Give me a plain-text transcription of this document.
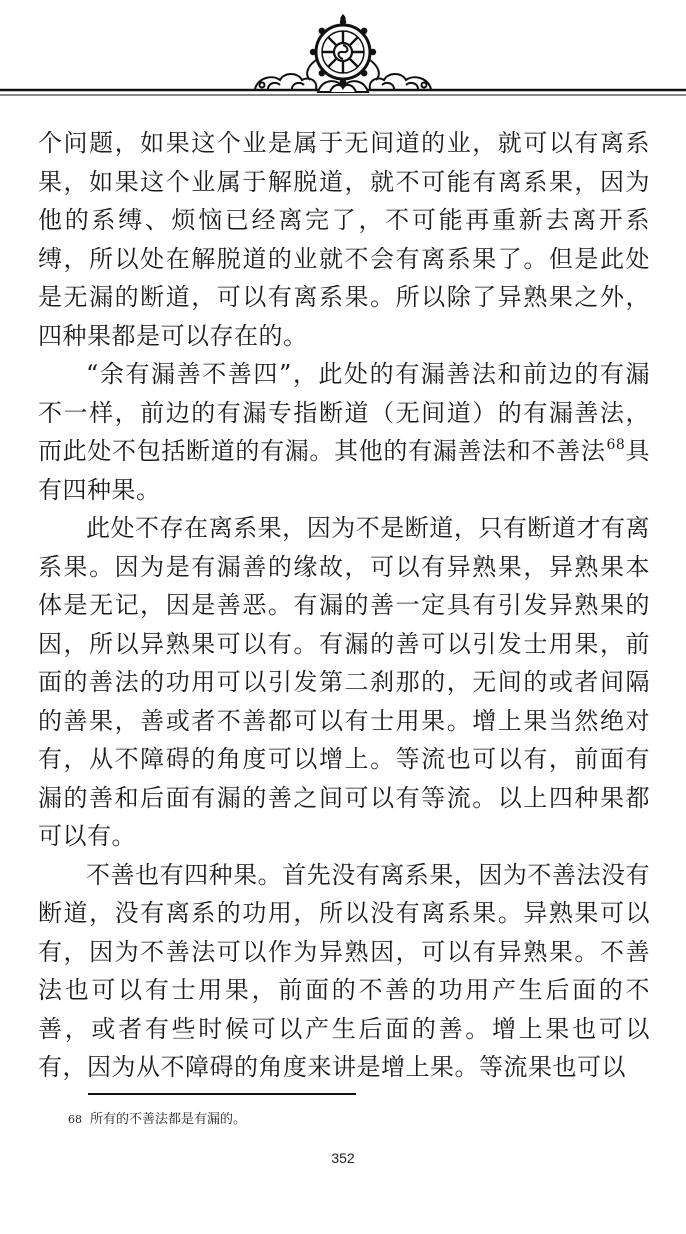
个问题，如果这个业是属于无间道的业，就可以有离系果，如果这个业属于解脱道，就不可能有离系果，因为他的系缚、烦恼已经离完了，不可能再重新去离开系缚，所以处在解脱道的业就不会有离系果了。但是此处是无漏的断道，可以有离系果。所以除了异熟果之外，四种果都是可以存在的。

“余有漏善不善四”，此处的有漏善法和前边的有漏不一样，前边的有漏专指断道（无间道）的有漏善法，而此处不包括断道的有漏。其他的有漏善法和不善法$^{68}$具有四种果。

此处不存在离系果，因为不是断道，只有断道才有离系果。因为是有漏善的缘故，可以有异熟果，异熟果本体是无记，因是善恶。有漏的善一定具有引发异熟果的因，所以异熟果可以有。有漏的善可以引发士用果，前面的善法的功用可以引发第二刹那的，无间的或者间隔的善果，善或者不善都可以有士用果。增上果当然绝对有，从不障碍的角度可以增上。等流也可以有，前面有漏的善和后面有漏的善之间可以有等流。以上四种果都可以有。

不善也有四种果。首先没有离系果，因为不善法没有断道，没有离系的功用，所以没有离系果。异熟果可以有，因为不善法可以作为异熟因，可以有异熟果。不善法也可以有士用果，前面的不善的功用产生后面的不善，或者有些时候可以产生后面的善。增上果也可以有，因为从不障碍的角度来讲是增上果。等流果也可以

68 所有的不善法都是有漏的。
352
